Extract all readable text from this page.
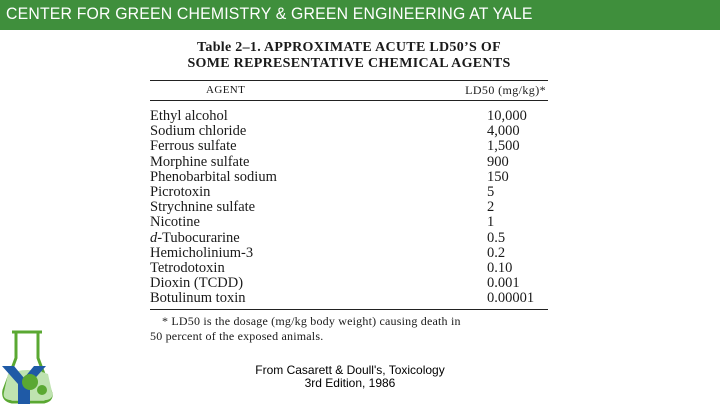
CENTER FOR GREEN CHEMISTRY & GREEN ENGINEERING AT YALE
Table 2–1. APPROXIMATE ACUTE LD50’S OF
SOME REPRESENTATIVE CHEMICAL AGENTS
AGENT	LD50 (mg/kg)*
Ethyl alcohol	10,000
Sodium chloride	4,000
Ferrous sulfate	1,500
Morphine sulfate	900
Phenobarbital sodium	150
Picrotoxin	5
Strychnine sulfate	2
Nicotine	1
d-Tubocurarine	0.5
Hemicholinium-3	0.2
Tetrodotoxin	0.10
Dioxin (TCDD)	0.001
Botulinum toxin	0.00001
* LD50 is the dosage (mg/kg body weight) causing death in
50 percent of the exposed animals.
From Casarett & Doull's, Toxicology
3rd Edition, 1986
